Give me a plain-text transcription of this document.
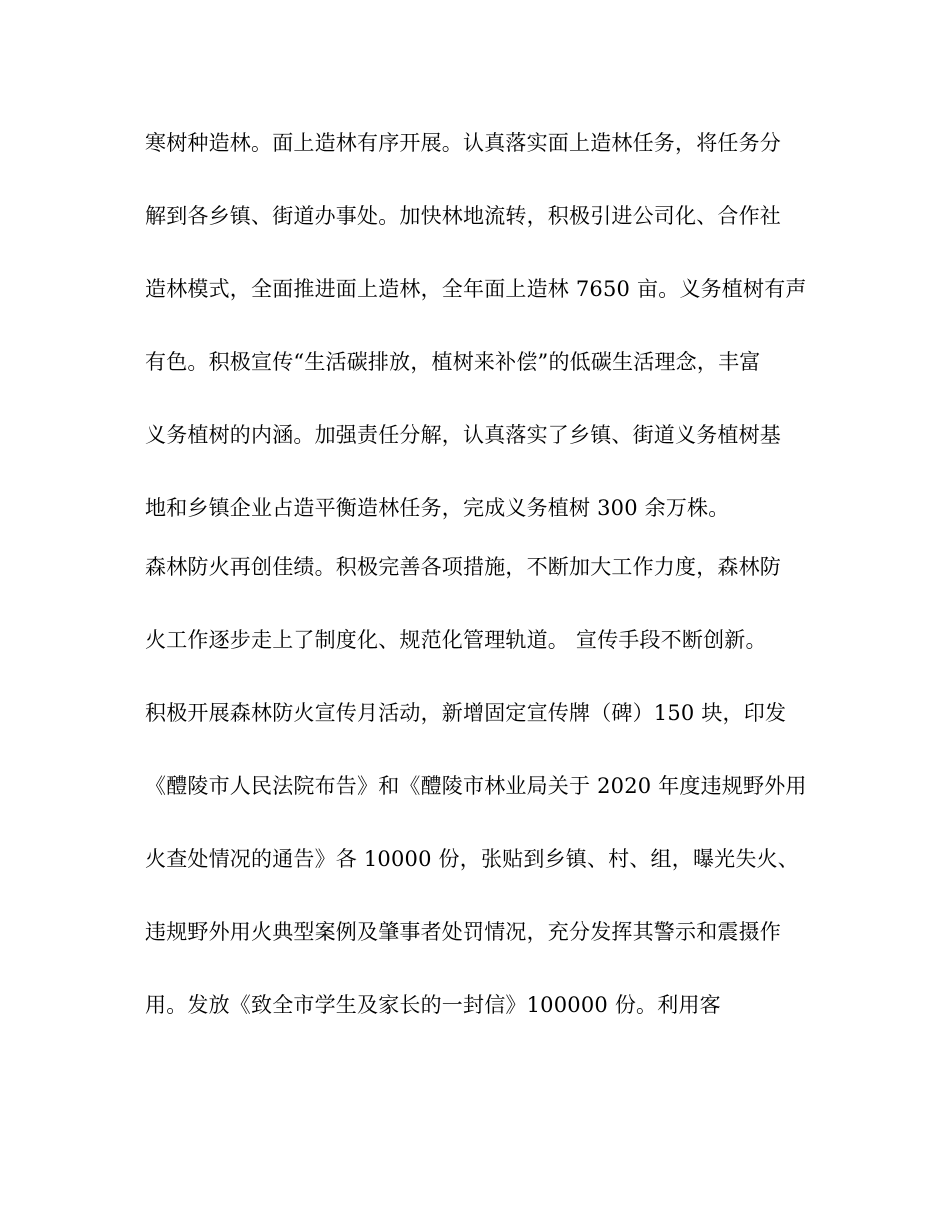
寒树种造林。面上造林有序开展。认真落实面上造林任务，将任务分
解到各乡镇、街道办事处。加快林地流转，积极引进公司化、合作社
造林模式，全面推进面上造林，全年面上造林 7650 亩。义务植树有声
有色。积极宣传“生活碳排放，植树来补偿”的低碳生活理念，丰富
义务植树的内涵。加强责任分解，认真落实了乡镇、街道义务植树基
地和乡镇企业占造平衡造林任务，完成义务植树 300 余万株。
森林防火再创佳绩。积极完善各项措施，不断加大工作力度，森林防
火工作逐步走上了制度化、规范化管理轨道。 宣传手段不断创新。
积极开展森林防火宣传月活动，新增固定宣传牌（碑）150 块，印发
《醴陵市人民法院布告》和《醴陵市林业局关于 2020 年度违规野外用
火查处情况的通告》各 10000 份，张贴到乡镇、村、组，曝光失火、
违规野外用火典型案例及肇事者处罚情况，充分发挥其警示和震摄作
用。发放《致全市学生及家长的一封信》100000 份。利用客
